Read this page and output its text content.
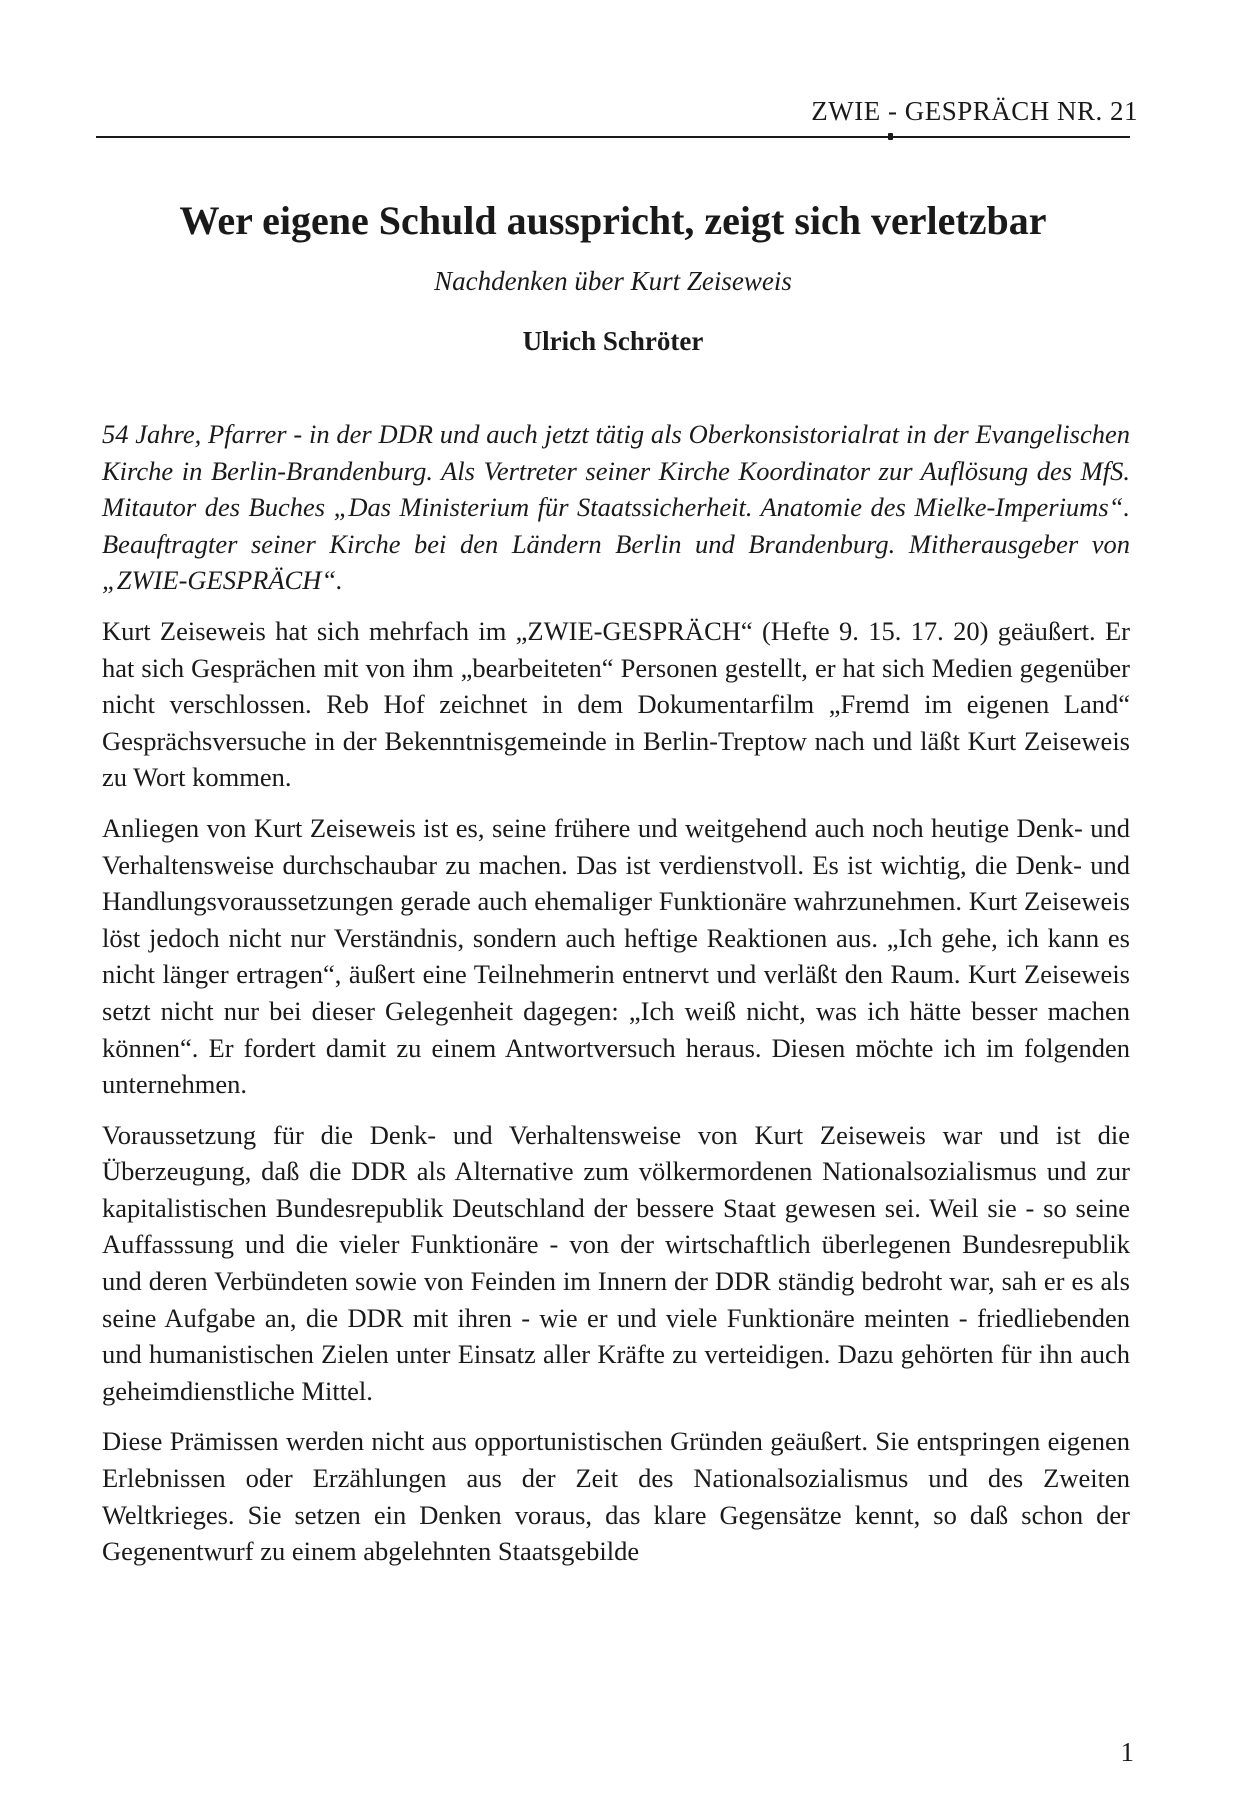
ZWIE - GESPRÄCH NR. 21
Wer eigene Schuld ausspricht, zeigt sich verletzbar
Nachdenken über Kurt Zeiseweis
Ulrich Schröter

54 Jahre, Pfarrer - in der DDR und auch jetzt tätig als Oberkonsistorialrat in der Evangelischen Kirche in Berlin-Brandenburg. Als Vertreter seiner Kirche Koordinator zur Auflösung des MfS. Mitautor des Buches „Das Ministerium für Staatssicherheit. Anatomie des Mielke-Imperiums“. Beauftragter seiner Kirche bei den Ländern Berlin und Brandenburg. Mitherausgeber von „ZWIE-GESPRÄCH“.

Kurt Zeiseweis hat sich mehrfach im „ZWIE-GESPRÄCH“ (Hefte 9. 15. 17. 20) geäußert. Er hat sich Gesprächen mit von ihm „bearbeiteten“ Personen gestellt, er hat sich Medien gegenüber nicht verschlossen. Reb Hof zeichnet in dem Dokumentarfilm „Fremd im eigenen Land“ Gesprächsversuche in der Bekenntnisgemeinde in Berlin-Treptow nach und läßt Kurt Zeiseweis zu Wort kommen.

Anliegen von Kurt Zeiseweis ist es, seine frühere und weitgehend auch noch heutige Denk- und Verhaltensweise durchschaubar zu machen. Das ist verdienstvoll. Es ist wichtig, die Denk- und Handlungsvoraussetzungen gerade auch ehemaliger Funktionäre wahrzunehmen. Kurt Zeiseweis löst jedoch nicht nur Verständnis, sondern auch heftige Reaktionen aus. „Ich gehe, ich kann es nicht länger ertragen“, äußert eine Teilnehmerin entnervt und verläßt den Raum. Kurt Zeiseweis setzt nicht nur bei dieser Gelegenheit dagegen: „Ich weiß nicht, was ich hätte besser machen können“. Er fordert damit zu einem Antwortversuch heraus. Diesen möchte ich im folgenden unternehmen.

Voraussetzung für die Denk- und Verhaltensweise von Kurt Zeiseweis war und ist die Überzeugung, daß die DDR als Alternative zum völkermordenen Nationalsozialismus und zur kapitalistischen Bundesrepublik Deutschland der bessere Staat gewesen sei. Weil sie - so seine Auffasssung und die vieler Funktionäre - von der wirtschaftlich überlegenen Bundesrepublik und deren Verbündeten sowie von Feinden im Innern der DDR ständig bedroht war, sah er es als seine Aufgabe an, die DDR mit ihren - wie er und viele Funktionäre meinten - friedliebenden und humanistischen Zielen unter Einsatz aller Kräfte zu verteidigen. Dazu gehörten für ihn auch geheimdienstliche Mittel.

Diese Prämissen werden nicht aus opportunistischen Gründen geäußert. Sie entspringen eigenen Erlebnissen oder Erzählungen aus der Zeit des Nationalsozialismus und des Zweiten Weltkrieges. Sie setzen ein Denken voraus, das klare Gegensätze kennt, so daß schon der Gegenentwurf zu einem abgelehnten Staatsgebilde

1
